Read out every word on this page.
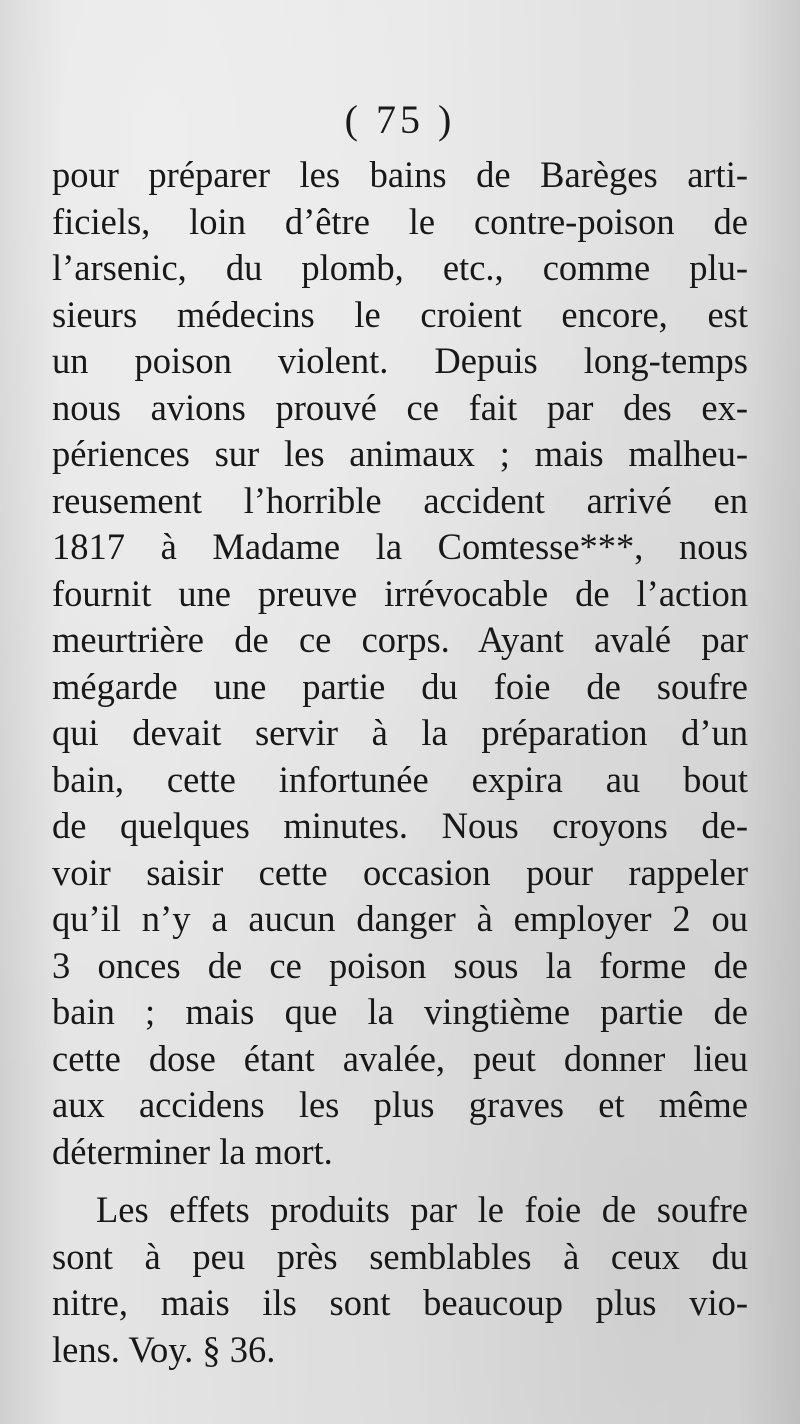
( 75 )
pour préparer les bains de Barèges arti-
ficiels, loin d’être le contre-poison de
l’arsenic, du plomb, etc., comme plu-
sieurs médecins le croient encore, est
un poison violent. Depuis long-temps
nous avions prouvé ce fait par des ex-
périences sur les animaux ; mais malheu-
reusement l’horrible accident arrivé en
1817 à Madame la Comtesse***, nous
fournit une preuve irrévocable de l’action
meurtrière de ce corps. Ayant avalé par
mégarde une partie du foie de soufre
qui devait servir à la préparation d’un
bain, cette infortunée expira au bout
de quelques minutes. Nous croyons de-
voir saisir cette occasion pour rappeler
qu’il n’y a aucun danger à employer 2 ou
3 onces de ce poison sous la forme de
bain ; mais que la vingtième partie de
cette dose étant avalée, peut donner lieu
aux accidens les plus graves et même
déterminer la mort.
Les effets produits par le foie de soufre
sont à peu près semblables à ceux du
nitre, mais ils sont beaucoup plus vio-
lens. Voy. § 36.
